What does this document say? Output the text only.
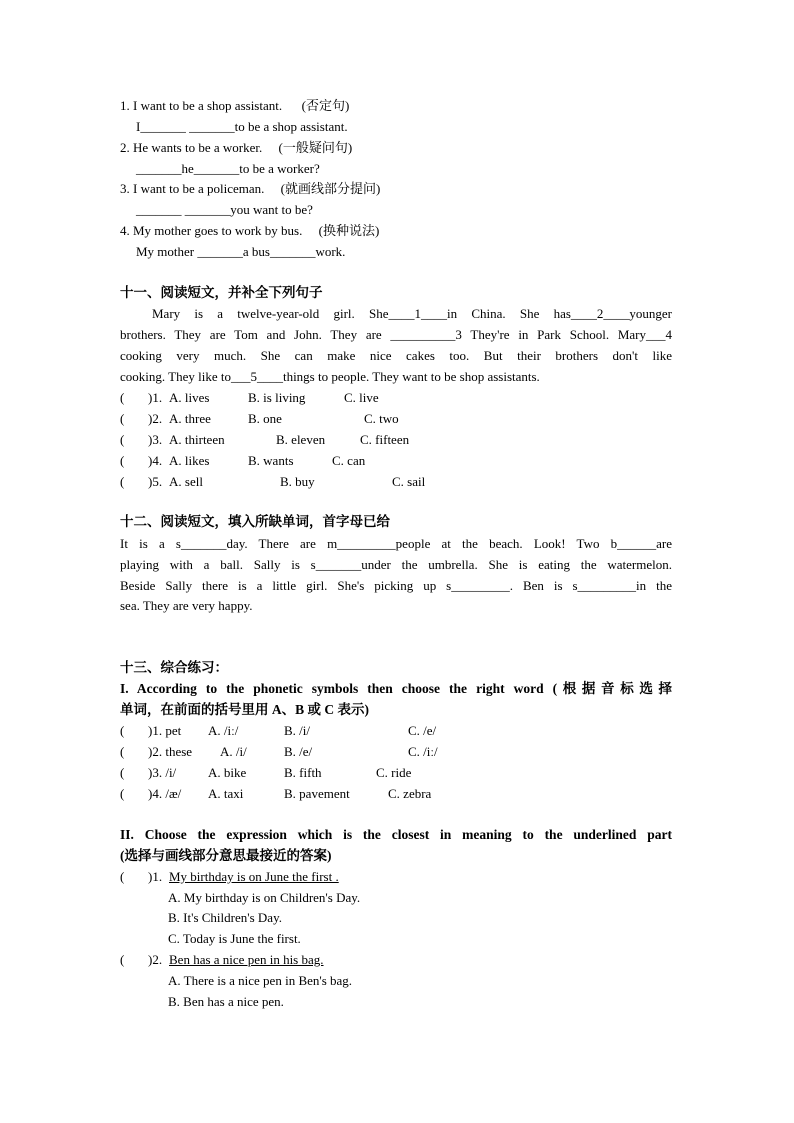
1. I want to be a shop assistant. (否定句)
I_______ _______to be a shop assistant.
2. He wants to be a worker. (一般疑问句)
_______he_______to be a worker?
3. I want to be a policeman. (就画线部分提问)
_______ _______you want to be?
4. My mother goes to work by bus. (换种说法)
My mother _______a bus_______work.
十一、阅读短文，并补全下列句子
Mary is a twelve-year-old girl. She____1____in China. She has____2____younger
brothers. They are Tom and John. They are __________3 They're in Park School. Mary___4
cooking very much. She can make nice cakes too. But their brothers don't like
cooking. They like to___5____things to people. They want to be shop assistants.
( )1. A. lives	B. is living	C. live
( )2. A. three	B. one	C. two
( )3. A. thirteen	B. eleven	C. fifteen
( )4. A. likes	B. wants	C. can
( )5. A. sell	B. buy	C. sail
十二、阅读短文，填入所缺单词，首字母已给
It is a s_______day. There are m_________people at the beach. Look! Two b______are
playing with a ball. Sally is s_______under the umbrella. She is eating the watermelon.
Beside Sally there is a little girl. She's picking up s_________. Ben is s_________in the
sea. They are very happy.
十三、综合练习：
I. According to the phonetic symbols then choose the right word (根据音标选择
单词，在前面的括号里用 A、B 或 C 表示)
( )1. pet A. /iː/	B. /i/	C. /e/
( )2. these A. /i/	B. /e/	C. /iː/
( )3. /i/ A. bike	B. fifth	C. ride
( )4. /æ/ A. taxi	B. pavement	C. zebra
II. Choose the expression which is the closest in meaning to the underlined part
(选择与画线部分意思最接近的答案)
( )1. My birthday is on June the first .
A. My birthday is on Children's Day.
B. It's Children's Day.
C. Today is June the first.
( )2. Ben has a nice pen in his bag.
A. There is a nice pen in Ben's bag.
B. Ben has a nice pen.
